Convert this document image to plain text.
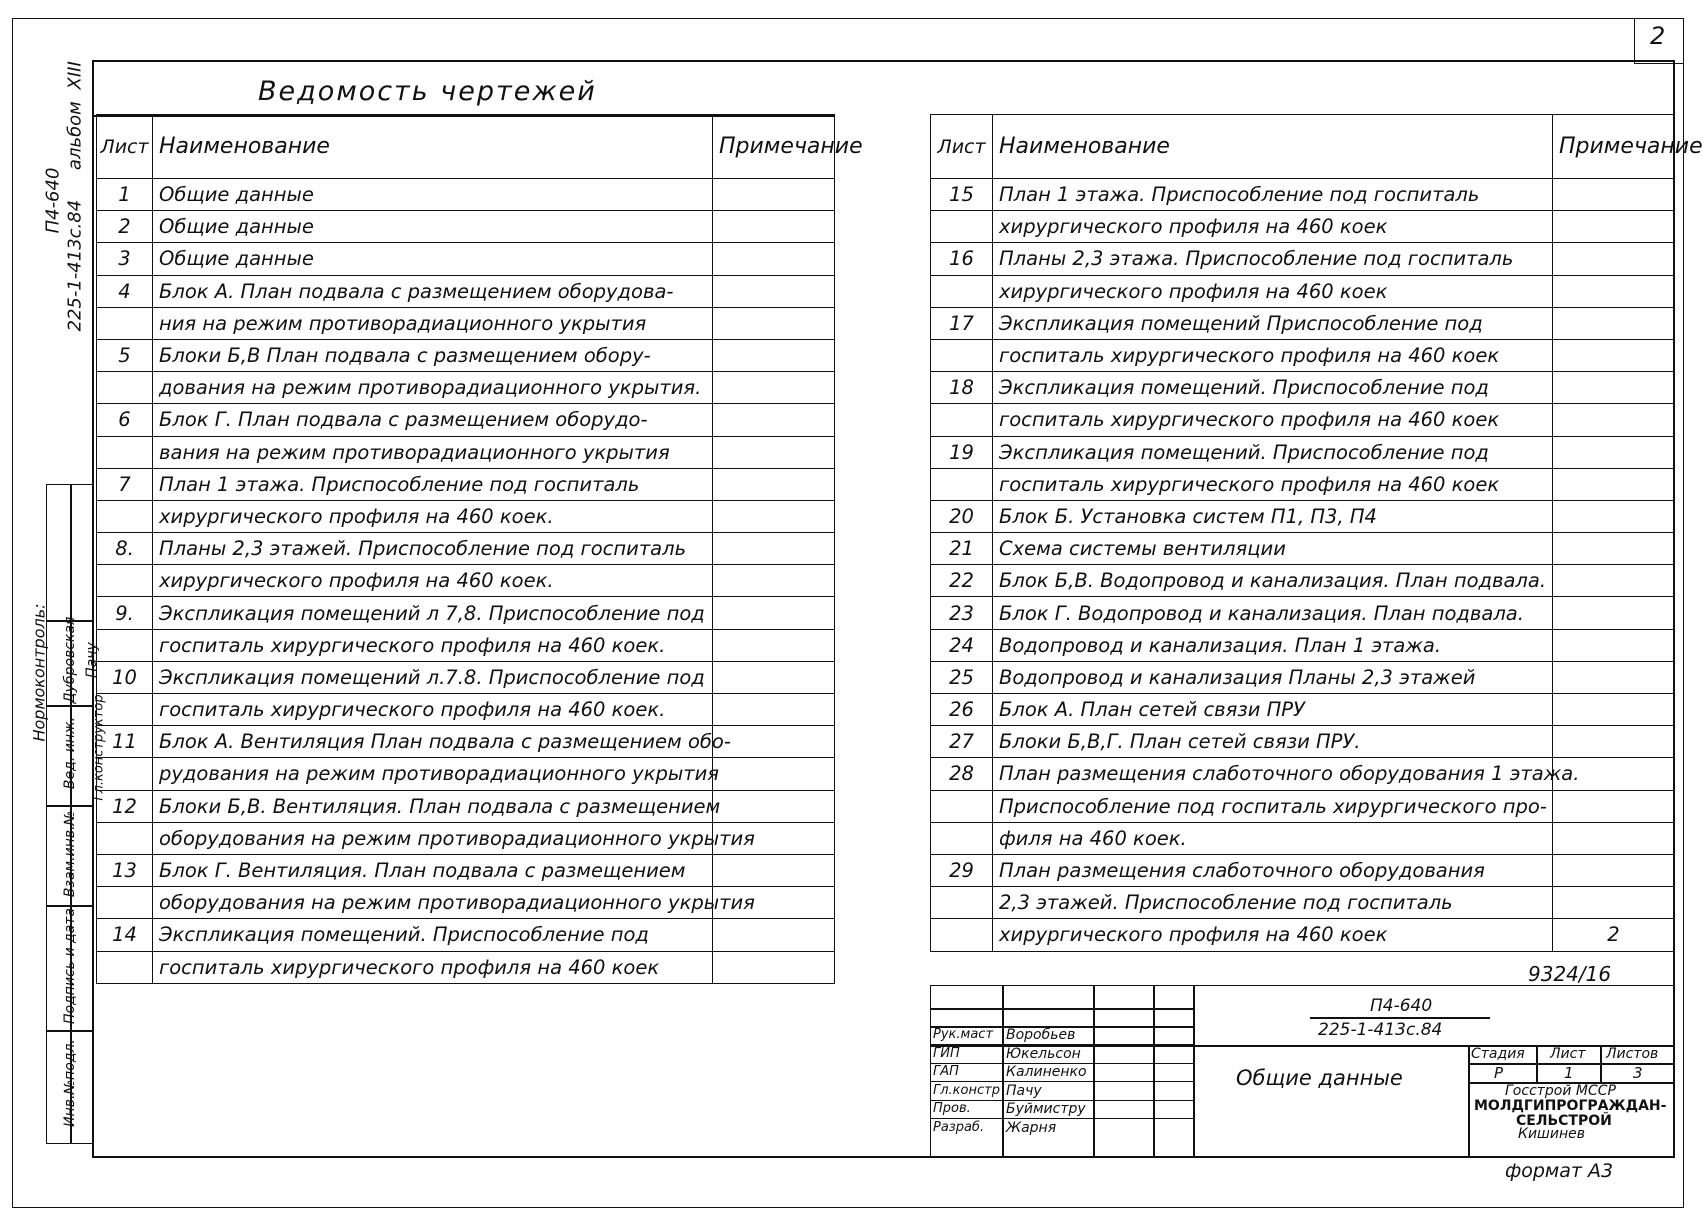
2
Ведомость чертежей
П4-640 225-1-413с.84 альбом XIII
Лист	Наименование	Примечание
1	Общие данные	
2	Общие данные	
3	Общие данные	
4	Блок А. План подвала с размещением оборудова-	
	ния на режим противорадиационного укрытия	
5	Блоки Б,В План подвала с размещением обору-	
	дования на режим противорадиационного укрытия.	
6	Блок Г. План подвала с размещением оборудо-	
	вания на режим противорадиационного укрытия	
7	План 1 этажа. Приспособление под госпиталь	
	хирургического профиля на 460 коек.	
8.	Планы 2,3 этажей. Приспособление под госпиталь	
	хирургического профиля на 460 коек.	
9.	Экспликация помещений л 7,8. Приспособление под	
	госпиталь хирургического профиля на 460 коек.	
10	Экспликация помещений л.7.8. Приспособление под	
	госпиталь хирургического профиля на 460 коек.	
11	Блок А. Вентиляция План подвала с размещением обо-	
	рудования на режим противорадиационного укрытия	
12	Блоки Б,В. Вентиляция. План подвала с размещением	
	оборудования на режим противорадиационного укрытия	
13	Блок Г. Вентиляция. План подвала с размещением	
	оборудования на режим противорадиационного укрытия	
14	Экспликация помещений. Приспособление под	
	госпиталь хирургического профиля на 460 коек	
Лист	Наименование	Примечание
15	План 1 этажа. Приспособление под госпиталь	
	хирургического профиля на 460 коек	
16	Планы 2,3 этажа. Приспособление под госпиталь	
	хирургического профиля на 460 коек	
17	Экспликация помещений Приспособление под	
	госпиталь хирургического профиля на 460 коек	
18	Экспликация помещений. Приспособление под	
	госпиталь хирургического профиля на 460 коек	
19	Экспликация помещений. Приспособление под	
	госпиталь хирургического профиля на 460 коек	
20	Блок Б. Установка систем П1, П3, П4	
21	Схема системы вентиляции	
22	Блок Б,В. Водопровод и канализация. План подвала.	
23	Блок Г. Водопровод и канализация. План подвала.	
24	Водопровод и канализация. План 1 этажа.	
25	Водопровод и канализация Планы 2,3 этажей	
26	Блок А. План сетей связи ПРУ	
27	Блоки Б,В,Г. План сетей связи ПРУ.	
28	План размещения слаботочного оборудования 1 этажа.	
	Приспособление под госпиталь хирургического про-	
	филя на 460 коек.	
29	План размещения слаботочного оборудования	
	2,3 этажей. Приспособление под госпиталь	
	хирургического профиля на 460 коек	2
9324/16
Нормоконтроль:
Инв.№подл.
Подпись и дата
Взам.инв.№
Вед. инж. Гл.конструктор
Дубровская Пачу
П4-640
225-1-413с.84
Общие данные
Рук.маст Воробьев
ГИП	Юкельсон
ГАП	Калиненко
Гл.констр Пачу
Пров.	Буймистру
Разраб. Жарня
Стадия Лист Листов
Р	1	3
Госстрой МССР
МОЛДГИПРОГРАЖДАН-
СЕЛЬСТРОЙ
Кишинев
формат А3
